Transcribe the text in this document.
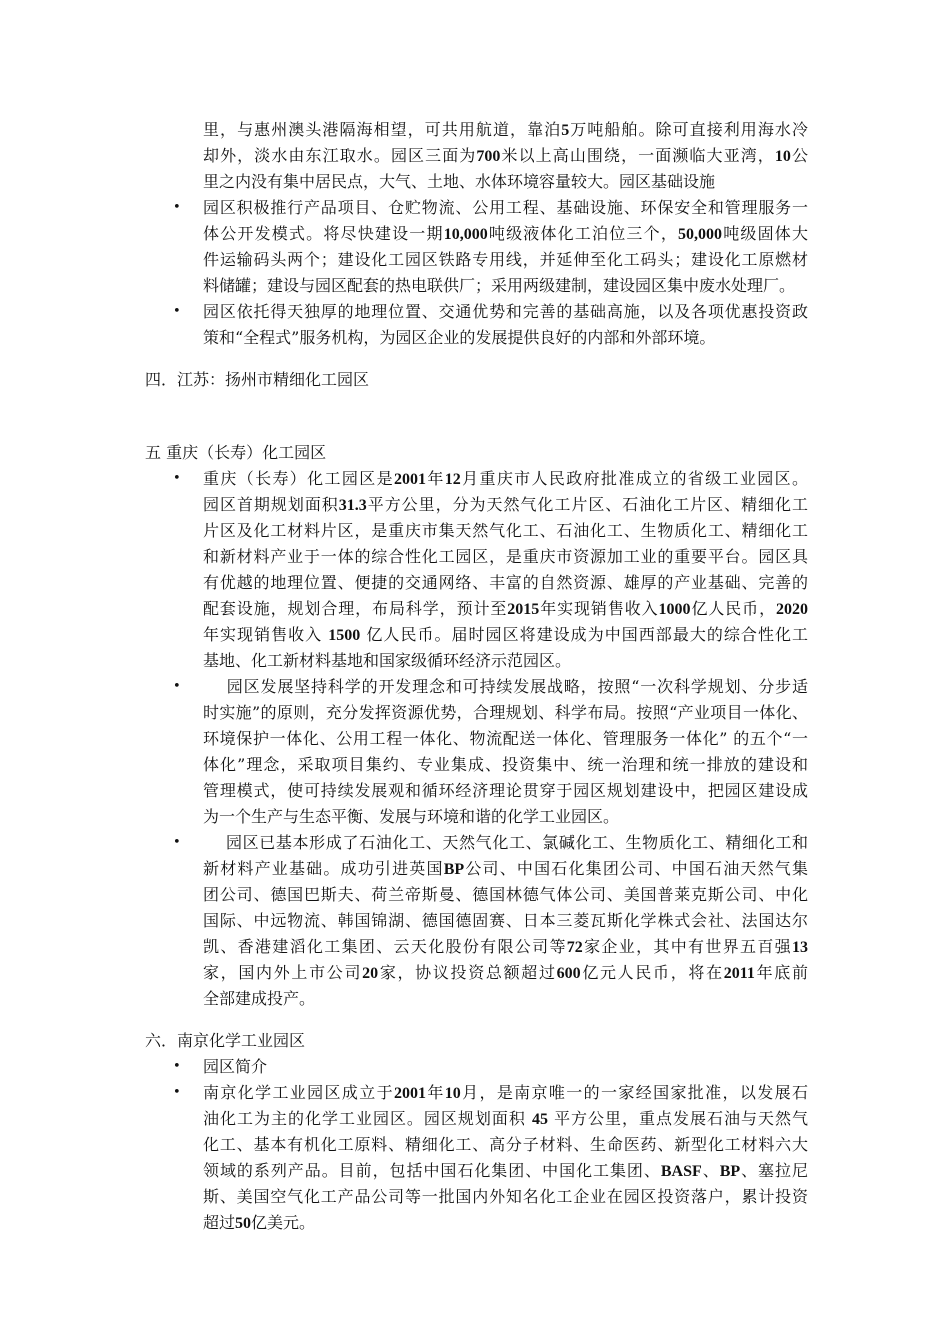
里，与惠州澳头港隔海相望，可共用航道，靠泊5万吨船舶。除可直接利用海水冷
却外，淡水由东江取水。园区三面为700米以上高山围绕，一面濒临大亚湾，10公
里之内没有集中居民点，大气、土地、水体环境容量较大。园区基础设施
• 园区积极推行产品项目、仓贮物流、公用工程、基础设施、环保安全和管理服务一
体公开发模式。将尽快建设一期10,000吨级液体化工泊位三个，50,000吨级固体大
件运输码头两个；建设化工园区铁路专用线，并延伸至化工码头；建设化工原燃材
料储罐；建设与园区配套的热电联供厂；采用两级建制，建设园区集中废水处理厂。
• 园区依托得天独厚的地理位置、交通优势和完善的基础高施，以及各项优惠投资政
策和“全程式”服务机构，为园区企业的发展提供良好的内部和外部环境。
四．江苏：扬州市精细化工园区
五 重庆（长寿）化工园区
• 重庆（长寿）化工园区是2001年12月重庆市人民政府批准成立的省级工业园区。
园区首期规划面积31.3平方公里，分为天然气化工片区、石油化工片区、精细化工
片区及化工材料片区，是重庆市集天然气化工、石油化工、生物质化工、精细化工
和新材料产业于一体的综合性化工园区，是重庆市资源加工业的重要平台。园区具
有优越的地理位置、便捷的交通网络、丰富的自然资源、雄厚的产业基础、完善的
配套设施，规划合理，布局科学，预计至2015年实现销售收入1000亿人民币，2020
年实现销售收入 1500 亿人民币。届时园区将建设成为中国西部最大的综合性化工
基地、化工新材料基地和国家级循环经济示范园区。
• 园区发展坚持科学的开发理念和可持续发展战略，按照“一次科学规划、分步适
时实施”的原则，充分发挥资源优势，合理规划、科学布局。按照“产业项目一体化、
环境保护一体化、公用工程一体化、物流配送一体化、管理服务一体化” 的五个“一
体化”理念，采取项目集约、专业集成、投资集中、统一治理和统一排放的建设和
管理模式，使可持续发展观和循环经济理论贯穿于园区规划建设中，把园区建设成
为一个生产与生态平衡、发展与环境和谐的化学工业园区。
• 园区已基本形成了石油化工、天然气化工、氯碱化工、生物质化工、精细化工和
新材料产业基础。成功引进英国BP公司、中国石化集团公司、中国石油天然气集
团公司、德国巴斯夫、荷兰帝斯曼、德国林德气体公司、美国普莱克斯公司、中化
国际、中远物流、韩国锦湖、德国德固赛、日本三菱瓦斯化学株式会社、法国达尔
凯、香港建滔化工集团、云天化股份有限公司等72家企业，其中有世界五百强13
家，国内外上市公司20家，协议投资总额超过600亿元人民币，将在2011年底前
全部建成投产。
六．南京化学工业园区
• 园区简介
• 南京化学工业园区成立于2001年10月，是南京唯一的一家经国家批准，以发展石
油化工为主的化学工业园区。园区规划面积 45 平方公里，重点发展石油与天然气
化工、基本有机化工原料、精细化工、高分子材料、生命医药、新型化工材料六大
领域的系列产品。目前，包括中国石化集团、中国化工集团、BASF、BP、塞拉尼
斯、美国空气化工产品公司等一批国内外知名化工企业在园区投资落户，累计投资
超过50亿美元。
